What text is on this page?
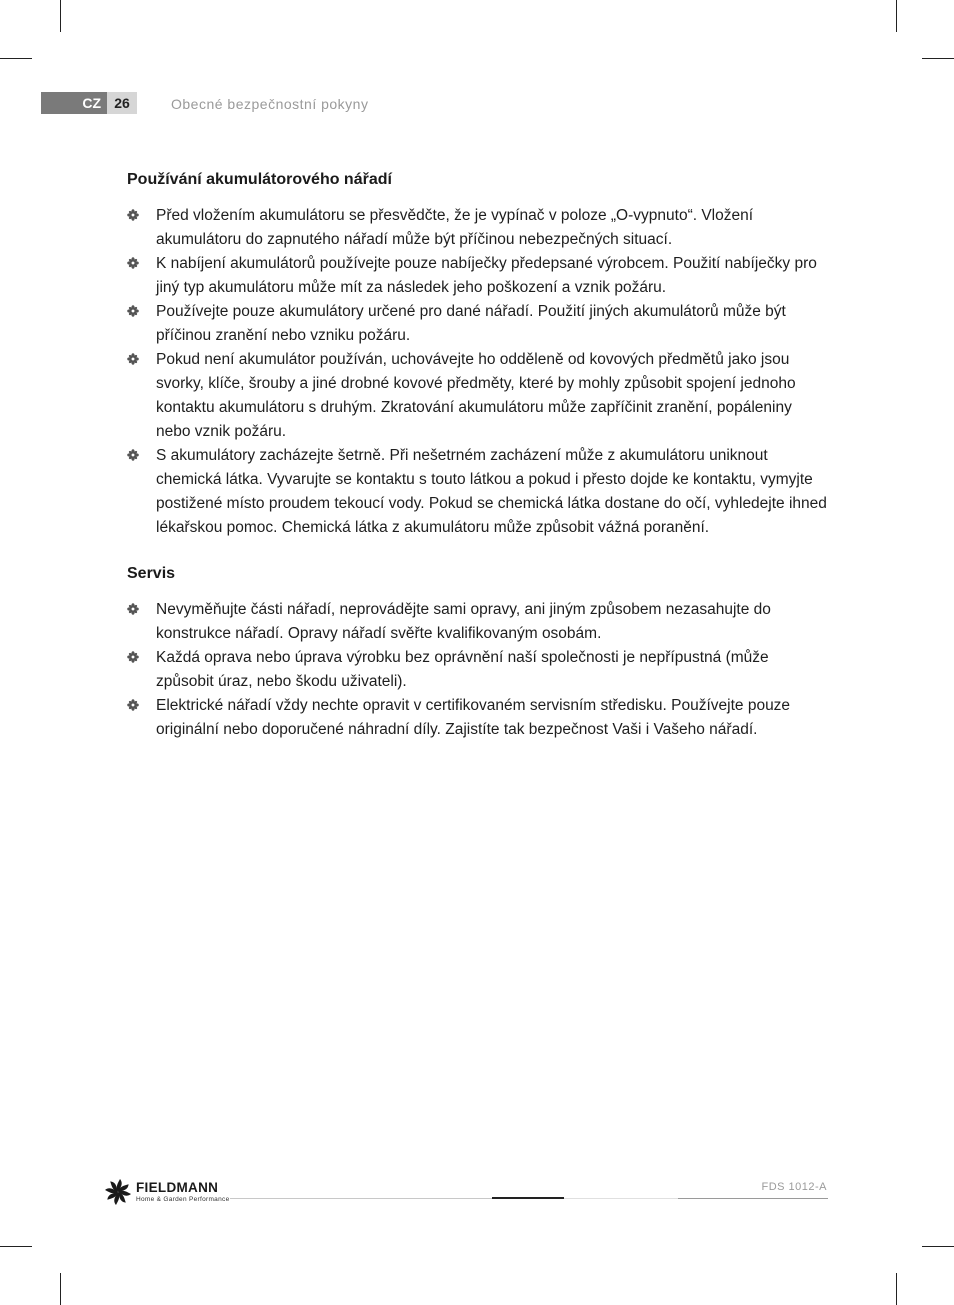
CZ 26	Obecné bezpečnostní pokyny
Používání akumulátorového nářadí
Před vložením akumulátoru se přesvědčte, že je vypínač v poloze „O-vypnuto“. Vložení akumulátoru do zapnutého nářadí může být příčinou nebezpečných situací.
K nabíjení akumulátorů používejte pouze nabíječky předepsané výrobcem. Použití nabíječky pro jiný typ akumulátoru může mít za následek jeho poškození a vznik požáru.
Používejte pouze akumulátory určené pro dané nářadí. Použití jiných akumulátorů může být příčinou zranění nebo vzniku požáru.
Pokud není akumulátor používán, uchovávejte ho odděleně od kovových předmětů jako jsou svorky, klíče, šrouby a jiné drobné kovové předměty, které by mohly způsobit spojení jednoho kontaktu akumulátoru s druhým. Zkratování akumulátoru může zapříčinit zranění, popáleniny nebo vznik požáru.
S akumulátory zacházejte šetrně. Při nešetrném zacházení může z akumulátoru uniknout chemická látka. Vyvarujte se kontaktu s touto látkou a pokud i přesto dojde ke kontaktu, vymyjte postižené místo proudem tekoucí vody. Pokud se chemická látka dostane do očí, vyhledejte ihned lékařskou pomoc. Chemická látka z akumulátoru může způsobit vážná poranění.
Servis
Nevyměňujte části nářadí, neprovádějte sami opravy, ani jiným způsobem nezasahujte do konstrukce nářadí. Opravy nářadí svěřte kvalifikovaným osobám.
Každá oprava nebo úprava výrobku bez oprávnění naší společnosti je nepřípustná (může způsobit úraz, nebo škodu uživateli).
Elektrické nářadí vždy nechte opravit v certifikovaném servisním středisku. Používejte pouze originální nebo doporučené náhradní díly. Zajistíte tak bezpečnost Vaši i Vašeho nářadí.
FIELDMANN
Home & Garden Performance
FDS 1012-A
